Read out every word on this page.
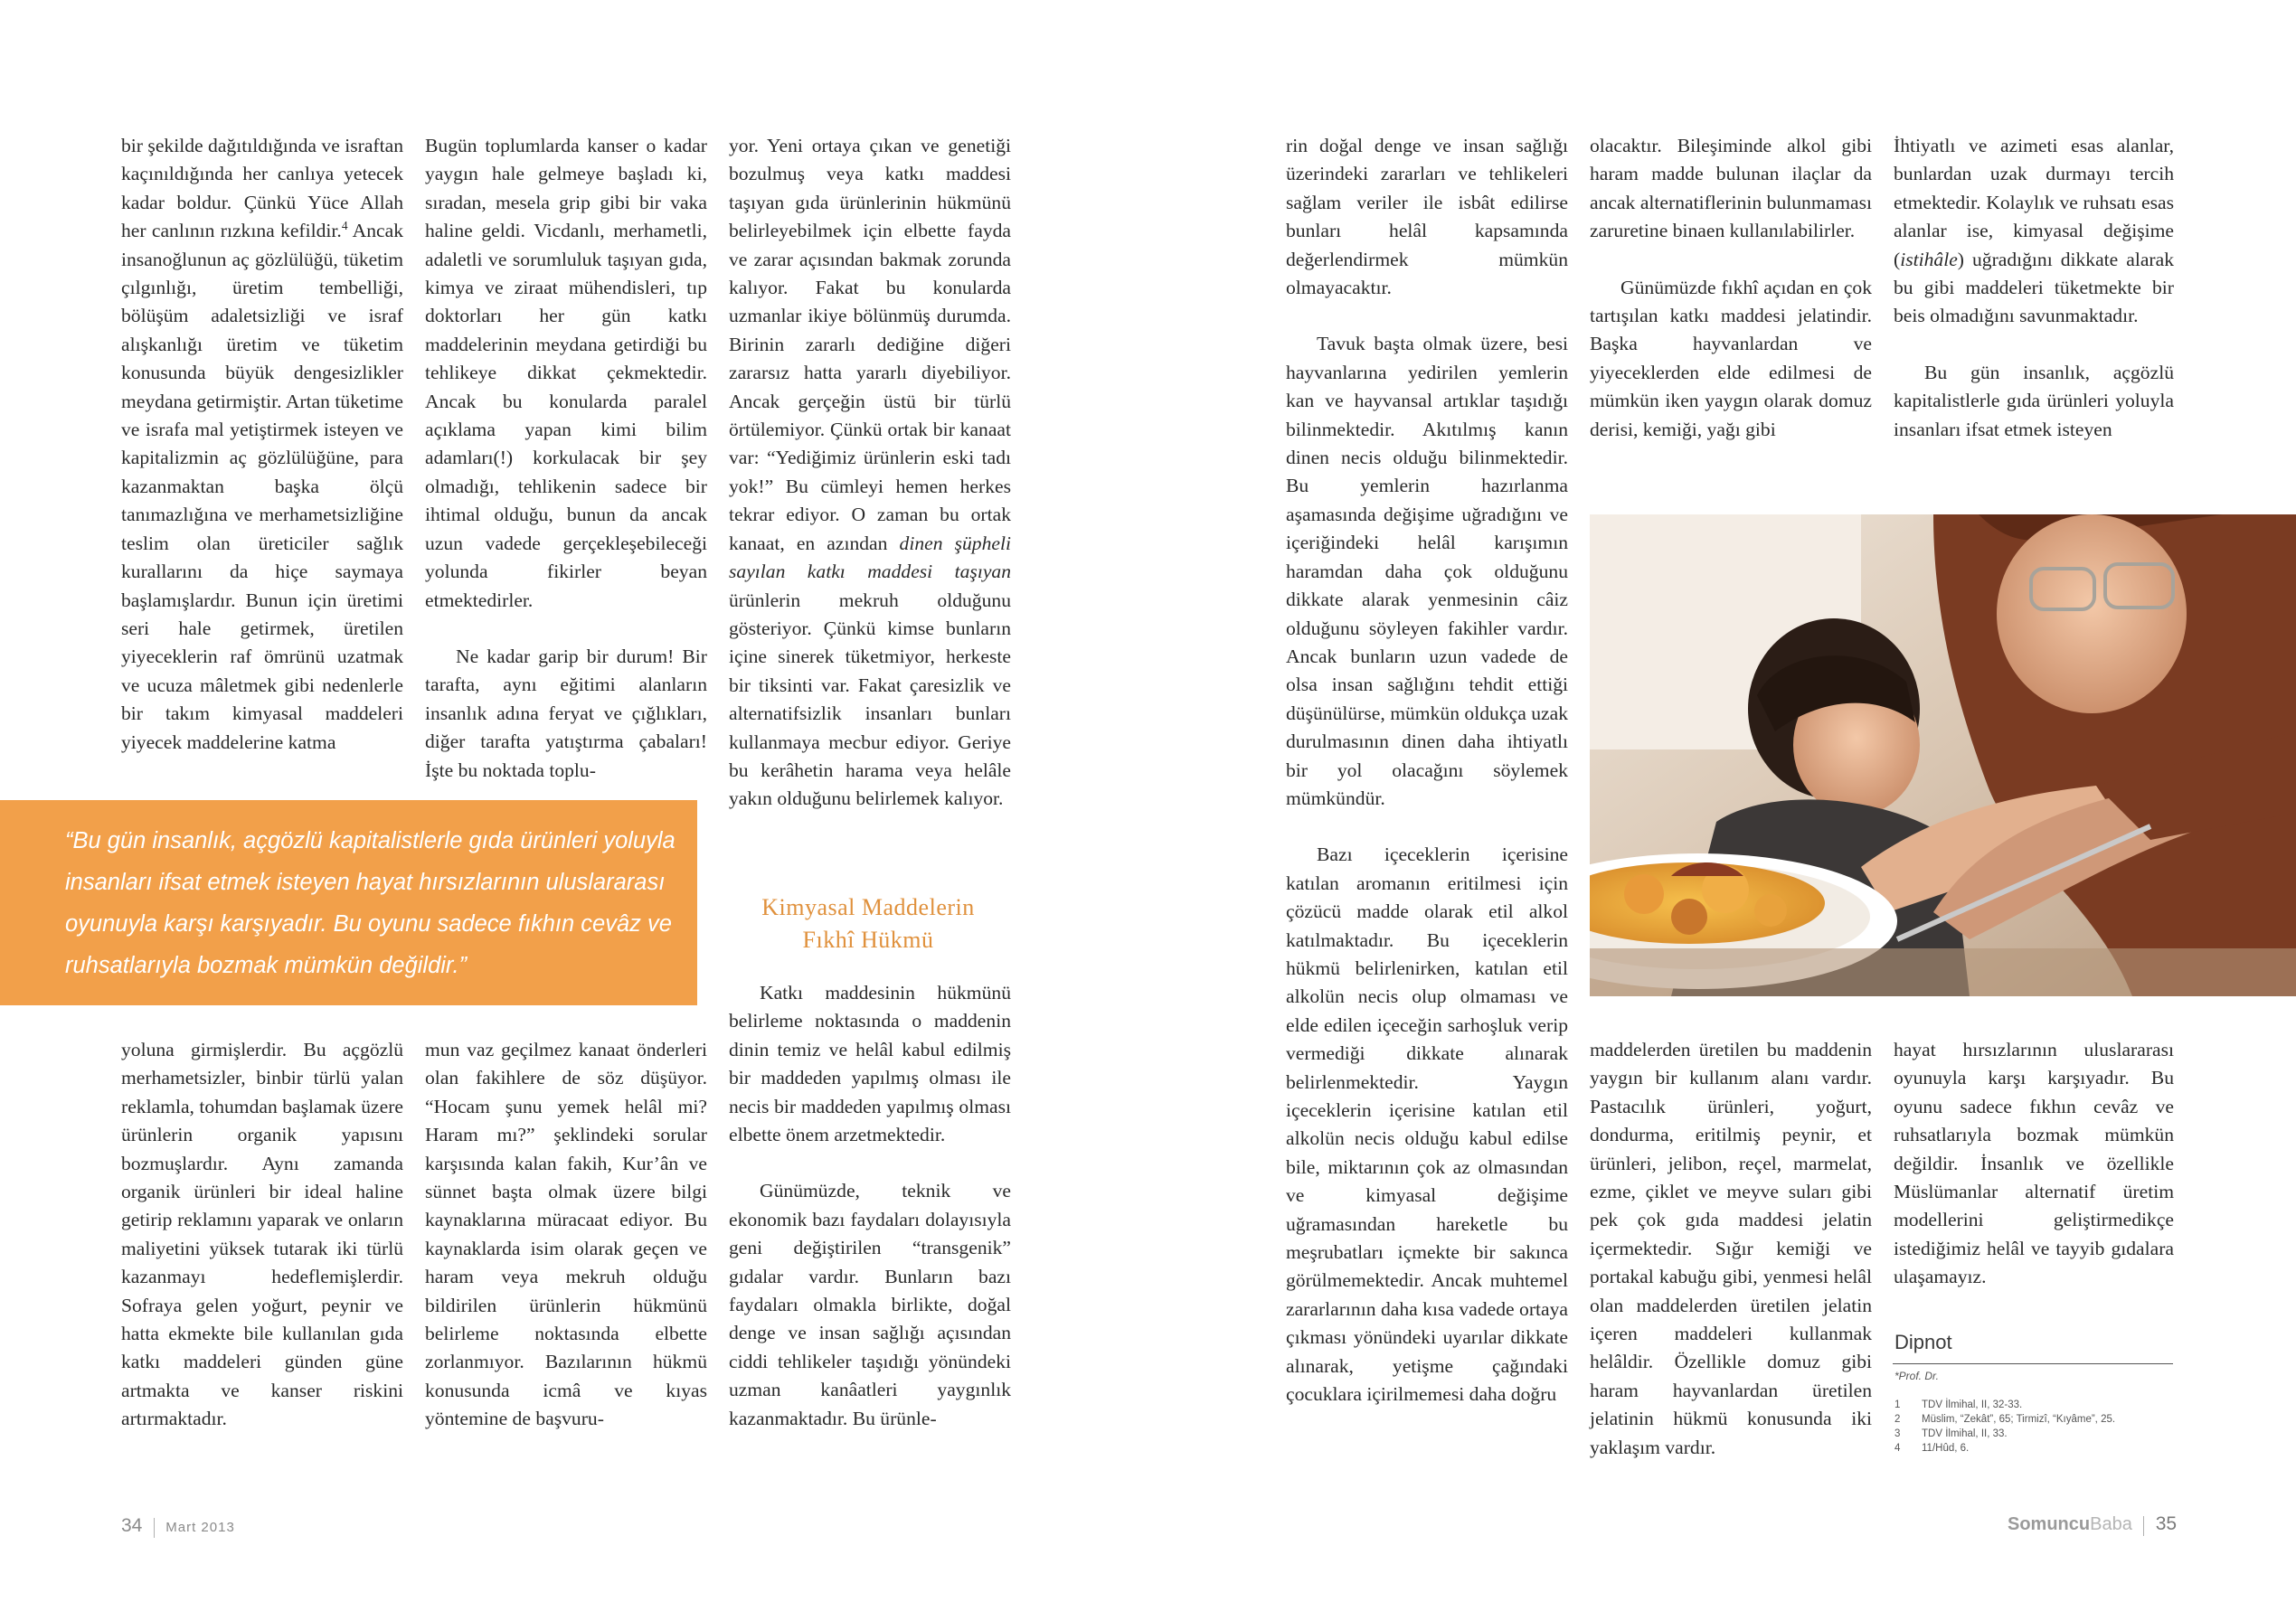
bir şekilde dağıtıldığında ve israftan kaçınıldığında her canlıya yetecek kadar boldur. Çünkü Yüce Allah her canlının rızkına kefildir.$^4$ Ancak insanoğlunun aç gözlülüğü, tüketim çılgınlığı, üretim tembelliği, bölüşüm adaletsizliği ve israf alışkanlığı üretim ve tüketim konusunda büyük dengesizlikler meydana getirmiştir. Artan tüketime ve israfa mal yetiştirmek isteyen ve kapitalizmin aç gözlülüğüne, para kazanmaktan başka ölçü tanımazlığına ve merhametsizliğine teslim olan üreticiler sağlık kurallarını da hiçe saymaya başlamışlardır. Bunun için üretimi seri hale getirmek, üretilen yiyeceklerin raf ömrünü uzatmak ve ucuza mâletmek gibi nedenlerle bir takım kimyasal maddeleri yiyecek maddelerine katma

Bugün toplumlarda kanser o kadar yaygın hale gelmeye başladı ki, sıradan, mesela grip gibi bir vaka haline geldi. Vicdanlı, merhametli, adaletli ve sorumluluk taşıyan gıda, kimya ve ziraat mühendisleri, tıp doktorları her gün katkı maddelerinin meydana getirdiği bu tehlikeye dikkat çekmektedir. Ancak bu konularda paralel açıklama yapan kimi bilim adamları(!) korkulacak bir şey olmadığı, tehlikenin sadece bir ihtimal olduğu, bunun da ancak uzun vadede gerçekleşebileceği yolunda fikirler beyan etmektedirler.

Ne kadar garip bir durum! Bir tarafta, aynı eğitimi alanların insanlık adına feryat ve çığlıkları, diğer tarafta yatıştırma çabaları! İşte bu noktada toplu-

yor. Yeni ortaya çıkan ve genetiği bozulmuş veya katkı maddesi taşıyan gıda ürünlerinin hükmünü belirleyebilmek için elbette fayda ve zarar açısından bakmak zorunda kalıyor. Fakat bu konularda uzmanlar ikiye bölünmüş durumda. Birinin zararlı dediğine diğeri zararsız hatta yararlı diyebiliyor. Ancak gerçeğin üstü bir türlü örtülemiyor. Çünkü ortak bir kanaat var: “Yediğimiz ürünlerin eski tadı yok!” Bu cümleyi hemen herkes tekrar ediyor. O zaman bu ortak kanaat, en azından dinen şüpheli sayılan katkı maddesi taşıyan ürünlerin mekruh olduğunu gösteriyor. Çünkü kimse bunların içine sinerek tüketmiyor, herkeste bir tiksinti var. Fakat çaresizlik ve alternatifsizlik insanları bunları kullanmaya mecbur ediyor. Geriye bu kerâhetin harama veya helâle yakın olduğunu belirlemek kalıyor.

Kimyasal Maddelerin
Fıkhî Hükmü

Katkı maddesinin hükmünü belirleme noktasında o maddenin dinin temiz ve helâl kabul edilmiş bir maddeden yapılmış olması ile necis bir maddeden yapılmış olması elbette önem arzetmektedir.

Günümüzde, teknik ve ekonomik bazı faydaları dolayısıyla geni değiştirilen “transgenik” gıdalar vardır. Bunların bazı faydaları olmakla birlikte, doğal denge ve insan sağlığı açısından ciddi tehlikeler taşıdığı yönündeki uzman kanâatleri yaygınlık kazanmaktadır. Bu ürünle-

“Bu gün insanlık, açgözlü kapitalistlerle gıda ürünleri yoluyla insanları ifsat etmek isteyen hayat hırsızlarının uluslararası oyunuyla karşı karşıyadır. Bu oyunu sadece fıkhın cevâz ve ruhsatlarıyla bozmak mümkün değildir.”

yoluna girmişlerdir. Bu açgözlü merhametsizler, binbir türlü yalan reklamla, tohumdan başlamak üzere ürünlerin organik yapısını bozmuşlardır. Aynı zamanda organik ürünleri bir ideal haline getirip reklamını yaparak ve onların maliyetini yüksek tutarak iki türlü kazanmayı hedeflemişlerdir. Sofraya gelen yoğurt, peynir ve hatta ekmekte bile kullanılan gıda katkı maddeleri günden güne artmakta ve kanser riskini artırmaktadır.

mun vaz geçilmez kanaat önderleri olan fakihlere de söz düşüyor. “Hocam şunu yemek helâl mi? Haram mı?” şeklindeki sorular karşısında kalan fakih, Kur’ân ve sünnet başta olmak üzere bilgi kaynaklarına müracaat ediyor. Bu kaynaklarda isim olarak geçen ve haram veya mekruh olduğu bildirilen ürünlerin hükmünü belirleme noktasında elbette zorlanmıyor. Bazılarının hükmü konusunda icmâ ve kıyas yöntemine de başvuru-

34 Mart 2013

rin doğal denge ve insan sağlığı üzerindeki zararları ve tehlikeleri sağlam veriler ile isbât edilirse bunları helâl kapsamında değerlendirmek mümkün olmayacaktır.

Tavuk başta olmak üzere, besi hayvanlarına yedirilen yemlerin kan ve hayvansal artıklar taşıdığı bilinmektedir. Akıtılmış kanın dinen necis olduğu bilinmektedir. Bu yemlerin hazırlanma aşamasında değişime uğradığını ve içeriğindeki helâl karışımın haramdan daha çok olduğunu dikkate alarak yenmesinin câiz olduğunu söyleyen fakihler vardır. Ancak bunların uzun vadede de olsa insan sağlığını tehdit ettiği düşünülürse, mümkün oldukça uzak durulmasının dinen daha ihtiyatlı bir yol olacağını söylemek mümkündür.

Bazı içeceklerin içerisine katılan aromanın eritilmesi için çözücü madde olarak etil alkol katılmaktadır. Bu içeceklerin hükmü belirlenirken, katılan etil alkolün necis olup olmaması ve elde edilen içeceğin sarhoşluk verip vermediği dikkate alınarak belirlenmektedir. Yaygın içeceklerin içerisine katılan etil alkolün necis olduğu kabul edilse bile, miktarının çok az olmasından ve kimyasal değişime uğramasından hareketle bu meşrubatları içmekte bir sakınca görülmemektedir. Ancak muhtemel zararlarının daha kısa vadede ortaya çıkması yönündeki uyarılar dikkate alınarak, yetişme çağındaki çocuklara içirilmemesi daha doğru

olacaktır. Bileşiminde alkol gibi haram madde bulunan ilaçlar da ancak alternatiflerinin bulunmaması zaruretine binaen kullanılabilirler.

Günümüzde fıkhî açıdan en çok tartışılan katkı maddesi jelatindir. Başka hayvanlardan ve yiyeceklerden elde edilmesi de mümkün iken yaygın olarak domuz derisi, kemiği, yağı gibi

İhtiyatlı ve azimeti esas alanlar, bunlardan uzak durmayı tercih etmektedir. Kolaylık ve ruhsatı esas alanlar ise, kimyasal değişime (istihâle) uğradığını dikkate alarak bu gibi maddeleri tüketmekte bir beis olmadığını savunmaktadır.

Bu gün insanlık, açgözlü kapitalistlerle gıda ürünleri yoluyla insanları ifsat etmek isteyen

maddelerden üretilen bu maddenin yaygın bir kullanım alanı vardır. Pastacılık ürünleri, yoğurt, dondurma, eritilmiş peynir, et ürünleri, jelibon, reçel, marmelat, ezme, çiklet ve meyve suları gibi pek çok gıda maddesi jelatin içermektedir. Sığır kemiği ve portakal kabuğu gibi, yenmesi helâl olan maddelerden üretilen jelatin içeren maddeleri kullanmak helâldir. Özellikle domuz gibi haram hayvanlardan üretilen jelatinin hükmü konusunda iki yaklaşım vardır.

hayat hırsızlarının uluslararası oyunuyla karşı karşıyadır. Bu oyunu sadece fıkhın cevâz ve ruhsatlarıyla bozmak mümkün değildir. İnsanlık ve özellikle Müslümanlar alternatif üretim modellerini geliştirmedikçe istediğimiz helâl ve tayyib gıdalara ulaşamayız.

Dipnot
*Prof. Dr.
1 TDV İlmihal, II, 32-33.
2 Müslim, “Zekât”, 65; Tirmizî, “Kıyâme”, 25.
3 TDV İlmihal, II, 33.
4 11/Hûd, 6.
SomuncuBaba 35
